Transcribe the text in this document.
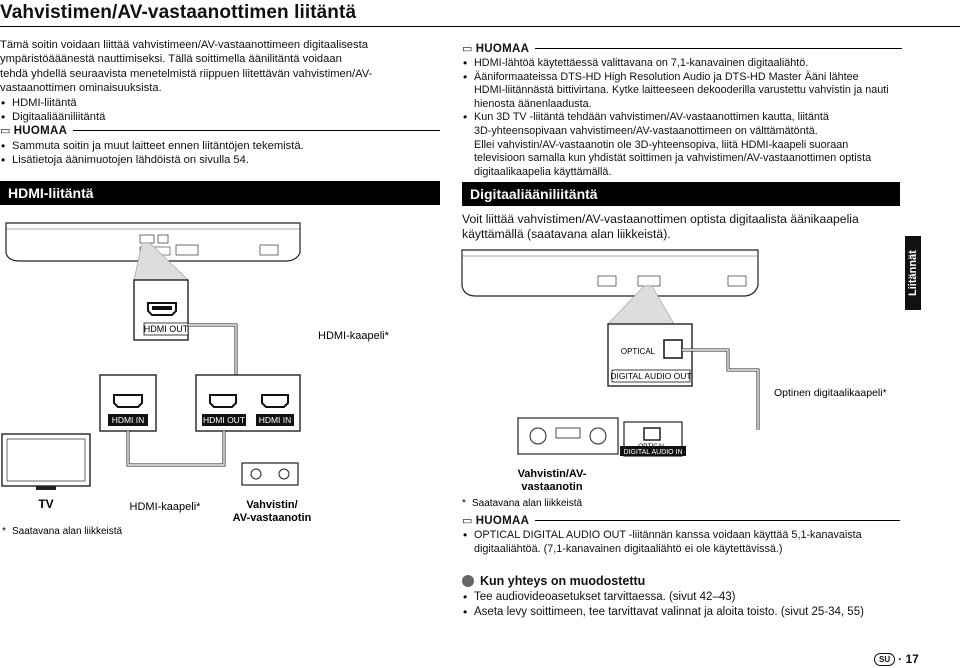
Vahvistimen/AV-vastaanottimen liitäntä
Tämä soitin voidaan liittää vahvistimeen/AV-vastaanottimeen digitaalisesta
ympäristöääänestä nauttimiseksi. Tällä soittimella äänilitäntä voidaan
tehdä yhdellä seuraavista menetelmistä riippuen liitettävän vahvistimen/AV-
vastaanottimen ominaisuuksista.
• HDMI-liitäntä
• Digitaaliääniliitäntä
▭ HUOMAA
• Sammuta soitin ja muut laitteet ennen liitäntöjen tekemistä.
• Lisätietoja äänimuotojen lähdöistä on sivulla 54.
▭ HUOMAA
• HDMI-lähtöä käytettäessä valittavana on 7,1-kanavainen digitaaliähtö.
• Ääniformaateissa DTS-HD High Resolution Audio ja DTS-HD Master Ääni lähtee
HDMI-liitännästä bittivirtana. Kytke laitteeseen dekooderilla varustettu vahvistin ja nauti
hienosta äänenlaadusta.
• Kun 3D TV -liitäntä tehdään vahvistimen/AV-vastaanottimen kautta, liitäntä
3D-yhteensopivaan vahvistimeen/AV-vastaanottimeen on välttämätöntä.
Ellei vahvistin/AV-vastaanotin ole 3D-yhteensopiva, liitä HDMI-kaapeli suoraan
televisioon samalla kun yhdistät soittimen ja vahvistimen/AV-vastaanottimen optista
digitaalikaapelia käyttämällä.
HDMI-liitäntä	Digitaaliääniliitäntä
Voit liittää vahvistimen/AV-vastaanottimen optista digitaalista äänikaapelia
käyttämällä (saatavana alan liikkeistä).
Liitännät
HDMI OUT
HDMI-kaapeli*
HDMI IN	HDMI OUT HDMI IN
TV	HDMI-kaapeli*	Vahvistin/
AV-vastaanotin
* Saatavana alan liikkeistä
OPTICAL
DIGITAL AUDIO OUT
Optinen digitaalikaapeli*
DIGITAL AUDIO IN
Vahvistin/AV-
vastaanotin
* Saatavana alan liikkeistä
▭ HUOMAA
• OPTICAL DIGITAL AUDIO OUT -liitännän kanssa voidaan käyttää 5,1-kanavaista
digitaaliähtöä. (7,1-kanavainen digitaaliähtö ei ole käytettävissä.)
Kun yhteys on muodostettu
• Tee audiovideoasetukset tarvittaessa. (sivut 42–43)
• Aseta levy soittimeen, tee tarvittavat valinnat ja aloita toisto. (sivut 25-34, 55)
SU · 17
